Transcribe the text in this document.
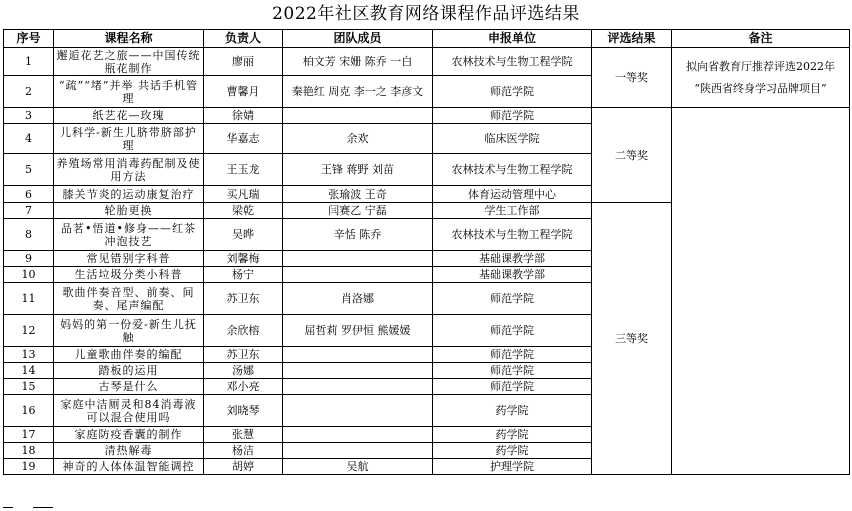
2022年社区教育网络课程作品评选结果
序号	课程名称	负责人	团队成员	申报单位	评选结果	备注
1	邂逅花艺之旅——中国传统瓶花制作	廖丽	柏文芳 宋姗 陈乔 一白	农林技术与生物工程学院	一等奖	拟向省教育厅推荐评选2022年
“陕西省终身学习品牌项目”

2	“疏”“堵”并举 共话手机管理	曹馨月	秦艳红 周克 李一之 李彦文	师范学院		
3	纸艺花—玫瑰	徐婧		师范学院	二等奖	
4	儿科学-新生儿脐带脐部护理	华嘉志	余欢	临床医学院		
5	养殖场常用消毒药配制及使用方法	王玉龙	王锋 蒋野 刘苗	农林技术与生物工程学院		
6	膝关节炎的运动康复治疗	买凡瑞	张瑜波 王奇	体育运动管理中心		
7	轮胎更换	梁乾	闫赛乙 宁磊	学生工作部	三等奖	
8	品茗•悟道•修身——红茶冲泡技艺	吴晔	辛恬 陈乔	农林技术与生物工程学院		
9	常见错别字科普	刘馨梅		基础课教学部		
10	生活垃圾分类小科普	杨宁		基础课教学部		
11	歌曲伴奏音型、前奏、间奏、尾声编配	苏卫东	肖洛娜	师范学院		
12	妈妈的第一份爱-新生儿抚触	余欣榕	屈哲莉 罗伊恒 熊媛媛	师范学院		
13	儿童歌曲伴奏的编配	苏卫东		师范学院		
14	踏板的运用	汤娜		师范学院		
15	古琴是什么	邓小亮		师范学院		
16	家庭中洁厕灵和84消毒液可以混合使用吗	刘晓琴		药学院		
17	家庭防疫香囊的制作	张慧		药学院		
18	清热解毒	杨洁		药学院		
19	神奇的人体体温智能调控	胡婷	吴航	护理学院		
